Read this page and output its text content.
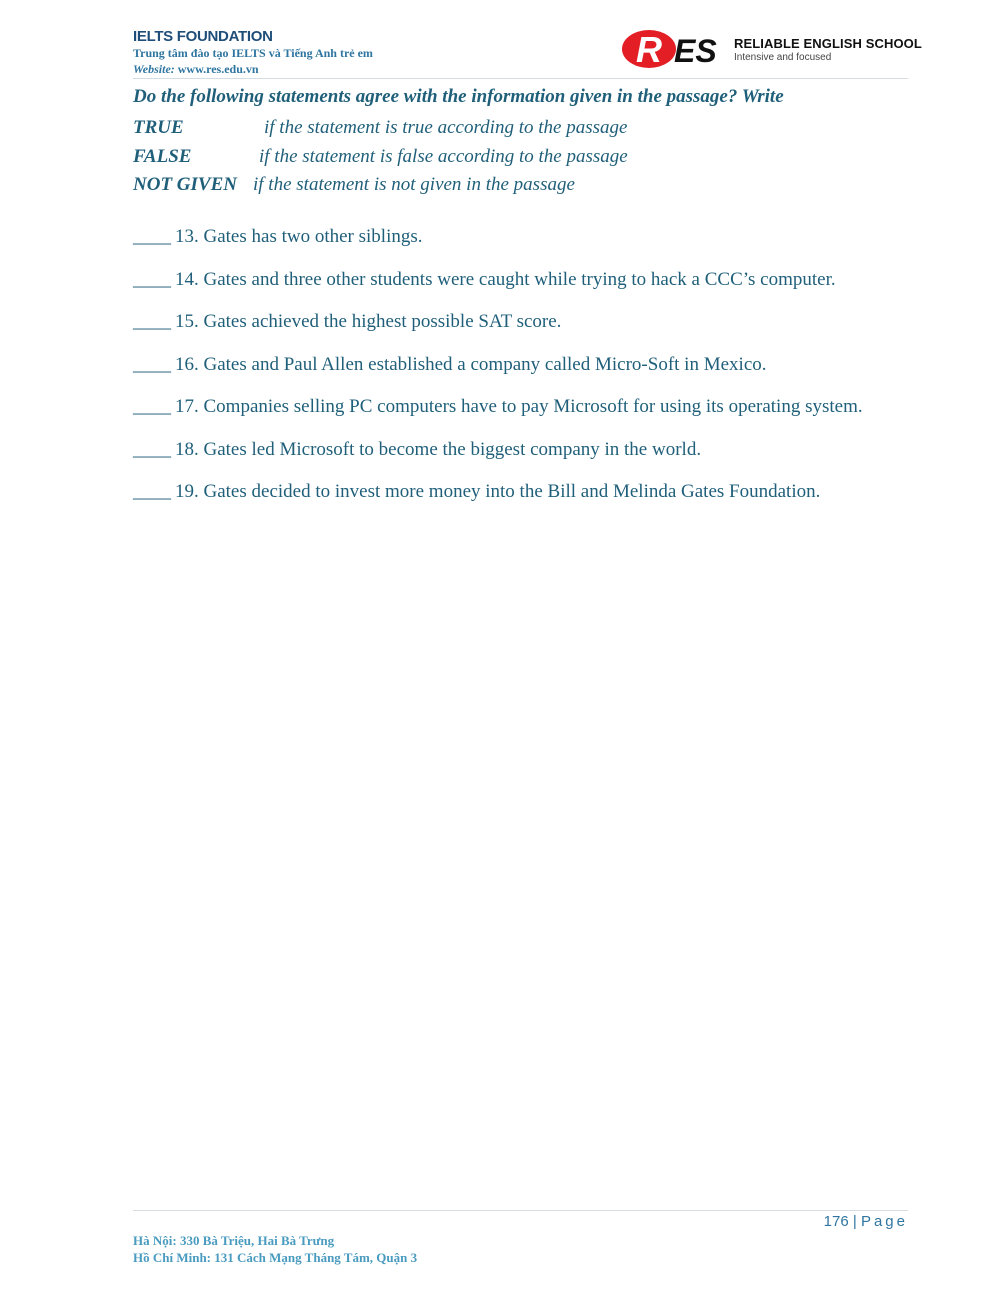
IELTS FOUNDATION
Trung tâm đào tạo IELTS và Tiếng Anh trẻ em
Website: www.res.edu.vn	R ES RELIABLE ENGLISH SCHOOL
Intensive and focused
Do the following statements agree with the information given in the passage? Write
TRUE	if the statement is true according to the passage
FALSE	if the statement is false according to the passage
NOT GIVEN if the statement is not given in the passage
____ 13. Gates has two other siblings.
____ 14. Gates and three other students were caught while trying to hack a CCC’s computer.
____ 15. Gates achieved the highest possible SAT score.
____ 16. Gates and Paul Allen established a company called Micro-Soft in Mexico.
____ 17. Companies selling PC computers have to pay Microsoft for using its operating system.
____ 18. Gates led Microsoft to become the biggest company in the world.
____ 19. Gates decided to invest more money into the Bill and Melinda Gates Foundation.
176 | Page
Hà Nội: 330 Bà Triệu, Hai Bà Trưng
Hồ Chí Minh: 131 Cách Mạng Tháng Tám, Quận 3
